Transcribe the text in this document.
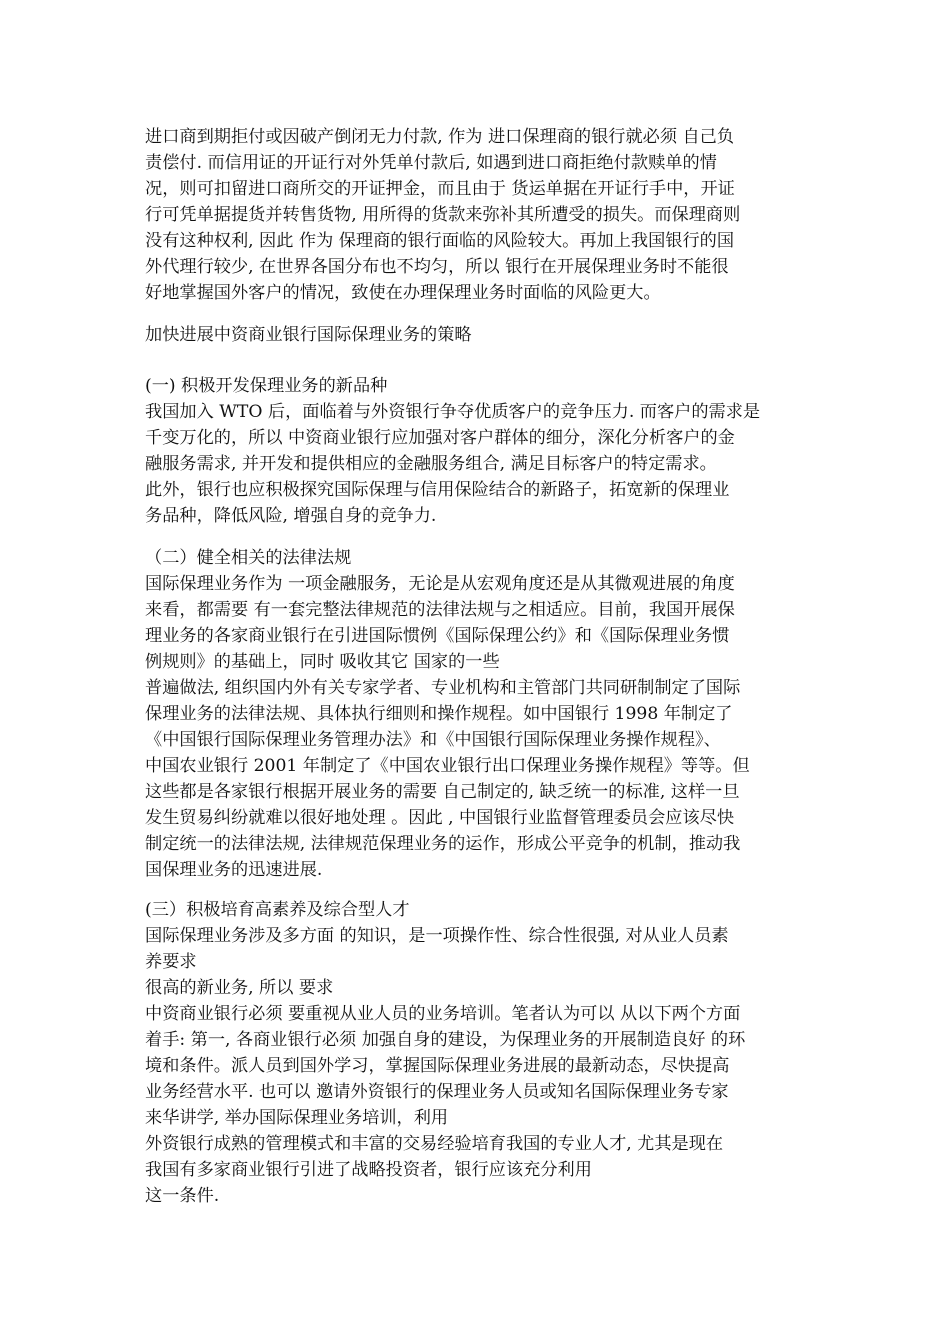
进口商到期拒付或因破产倒闭无力付款, 作为 进口保理商的银行就必须 自己负
责偿付. 而信用证的开证行对外凭单付款后, 如遇到进口商拒绝付款赎单的情
况，则可扣留进口商所交的开证押金，而且由于 货运单据在开证行手中，开证
行可凭单据提货并转售货物, 用所得的货款来弥补其所遭受的损失。而保理商则
没有这种权利, 因此 作为 保理商的银行面临的风险较大。再加上我国银行的国
外代理行较少, 在世界各国分布也不均匀，所以 银行在开展保理业务时不能很
好地掌握国外客户的情况，致使在办理保理业务时面临的风险更大。
加快进展中资商业银行国际保理业务的策略
(一) 积极开发保理业务的新品种
我国加入 WTO 后，面临着与外资银行争夺优质客户的竞争压力. 而客户的需求是
千变万化的，所以 中资商业银行应加强对客户群体的细分，深化分析客户的金
融服务需求, 并开发和提供相应的金融服务组合, 满足目标客户的特定需求。
此外，银行也应积极探究国际保理与信用保险结合的新路子，拓宽新的保理业
务品种，降低风险, 增强自身的竞争力.
（二）健全相关的法律法规
国际保理业务作为 一项金融服务，无论是从宏观角度还是从其微观进展的角度
来看，都需要 有一套完整法律规范的法律法规与之相适应。目前，我国开展保
理业务的各家商业银行在引进国际惯例《国际保理公约》和《国际保理业务惯
例规则》的基础上，同时 吸收其它 国家的一些
普遍做法, 组织国内外有关专家学者、专业机构和主管部门共同研制制定了国际
保理业务的法律法规、具体执行细则和操作规程。如中国银行 1998 年制定了
《中国银行国际保理业务管理办法》和《中国银行国际保理业务操作规程》、
中国农业银行 2001 年制定了《中国农业银行出口保理业务操作规程》等等。但
这些都是各家银行根据开展业务的需要 自己制定的, 缺乏统一的标准, 这样一旦
发生贸易纠纷就难以很好地处理 。因此 , 中国银行业监督管理委员会应该尽快
制定统一的法律法规, 法律规范保理业务的运作，形成公平竞争的机制，推动我
国保理业务的迅速进展.
(三）积极培育高素养及综合型人才
国际保理业务涉及多方面 的知识，是一项操作性、综合性很强, 对从业人员素
养要求
很高的新业务, 所以 要求
中资商业银行必须 要重视从业人员的业务培训。笔者认为可以 从以下两个方面
着手: 第一, 各商业银行必须 加强自身的建设，为保理业务的开展制造良好 的环
境和条件。派人员到国外学习，掌握国际保理业务进展的最新动态，尽快提高
业务经营水平. 也可以 邀请外资银行的保理业务人员或知名国际保理业务专家
来华讲学, 举办国际保理业务培训，利用
外资银行成熟的管理模式和丰富的交易经验培育我国的专业人才, 尤其是现在
我国有多家商业银行引进了战略投资者，银行应该充分利用
这一条件.
